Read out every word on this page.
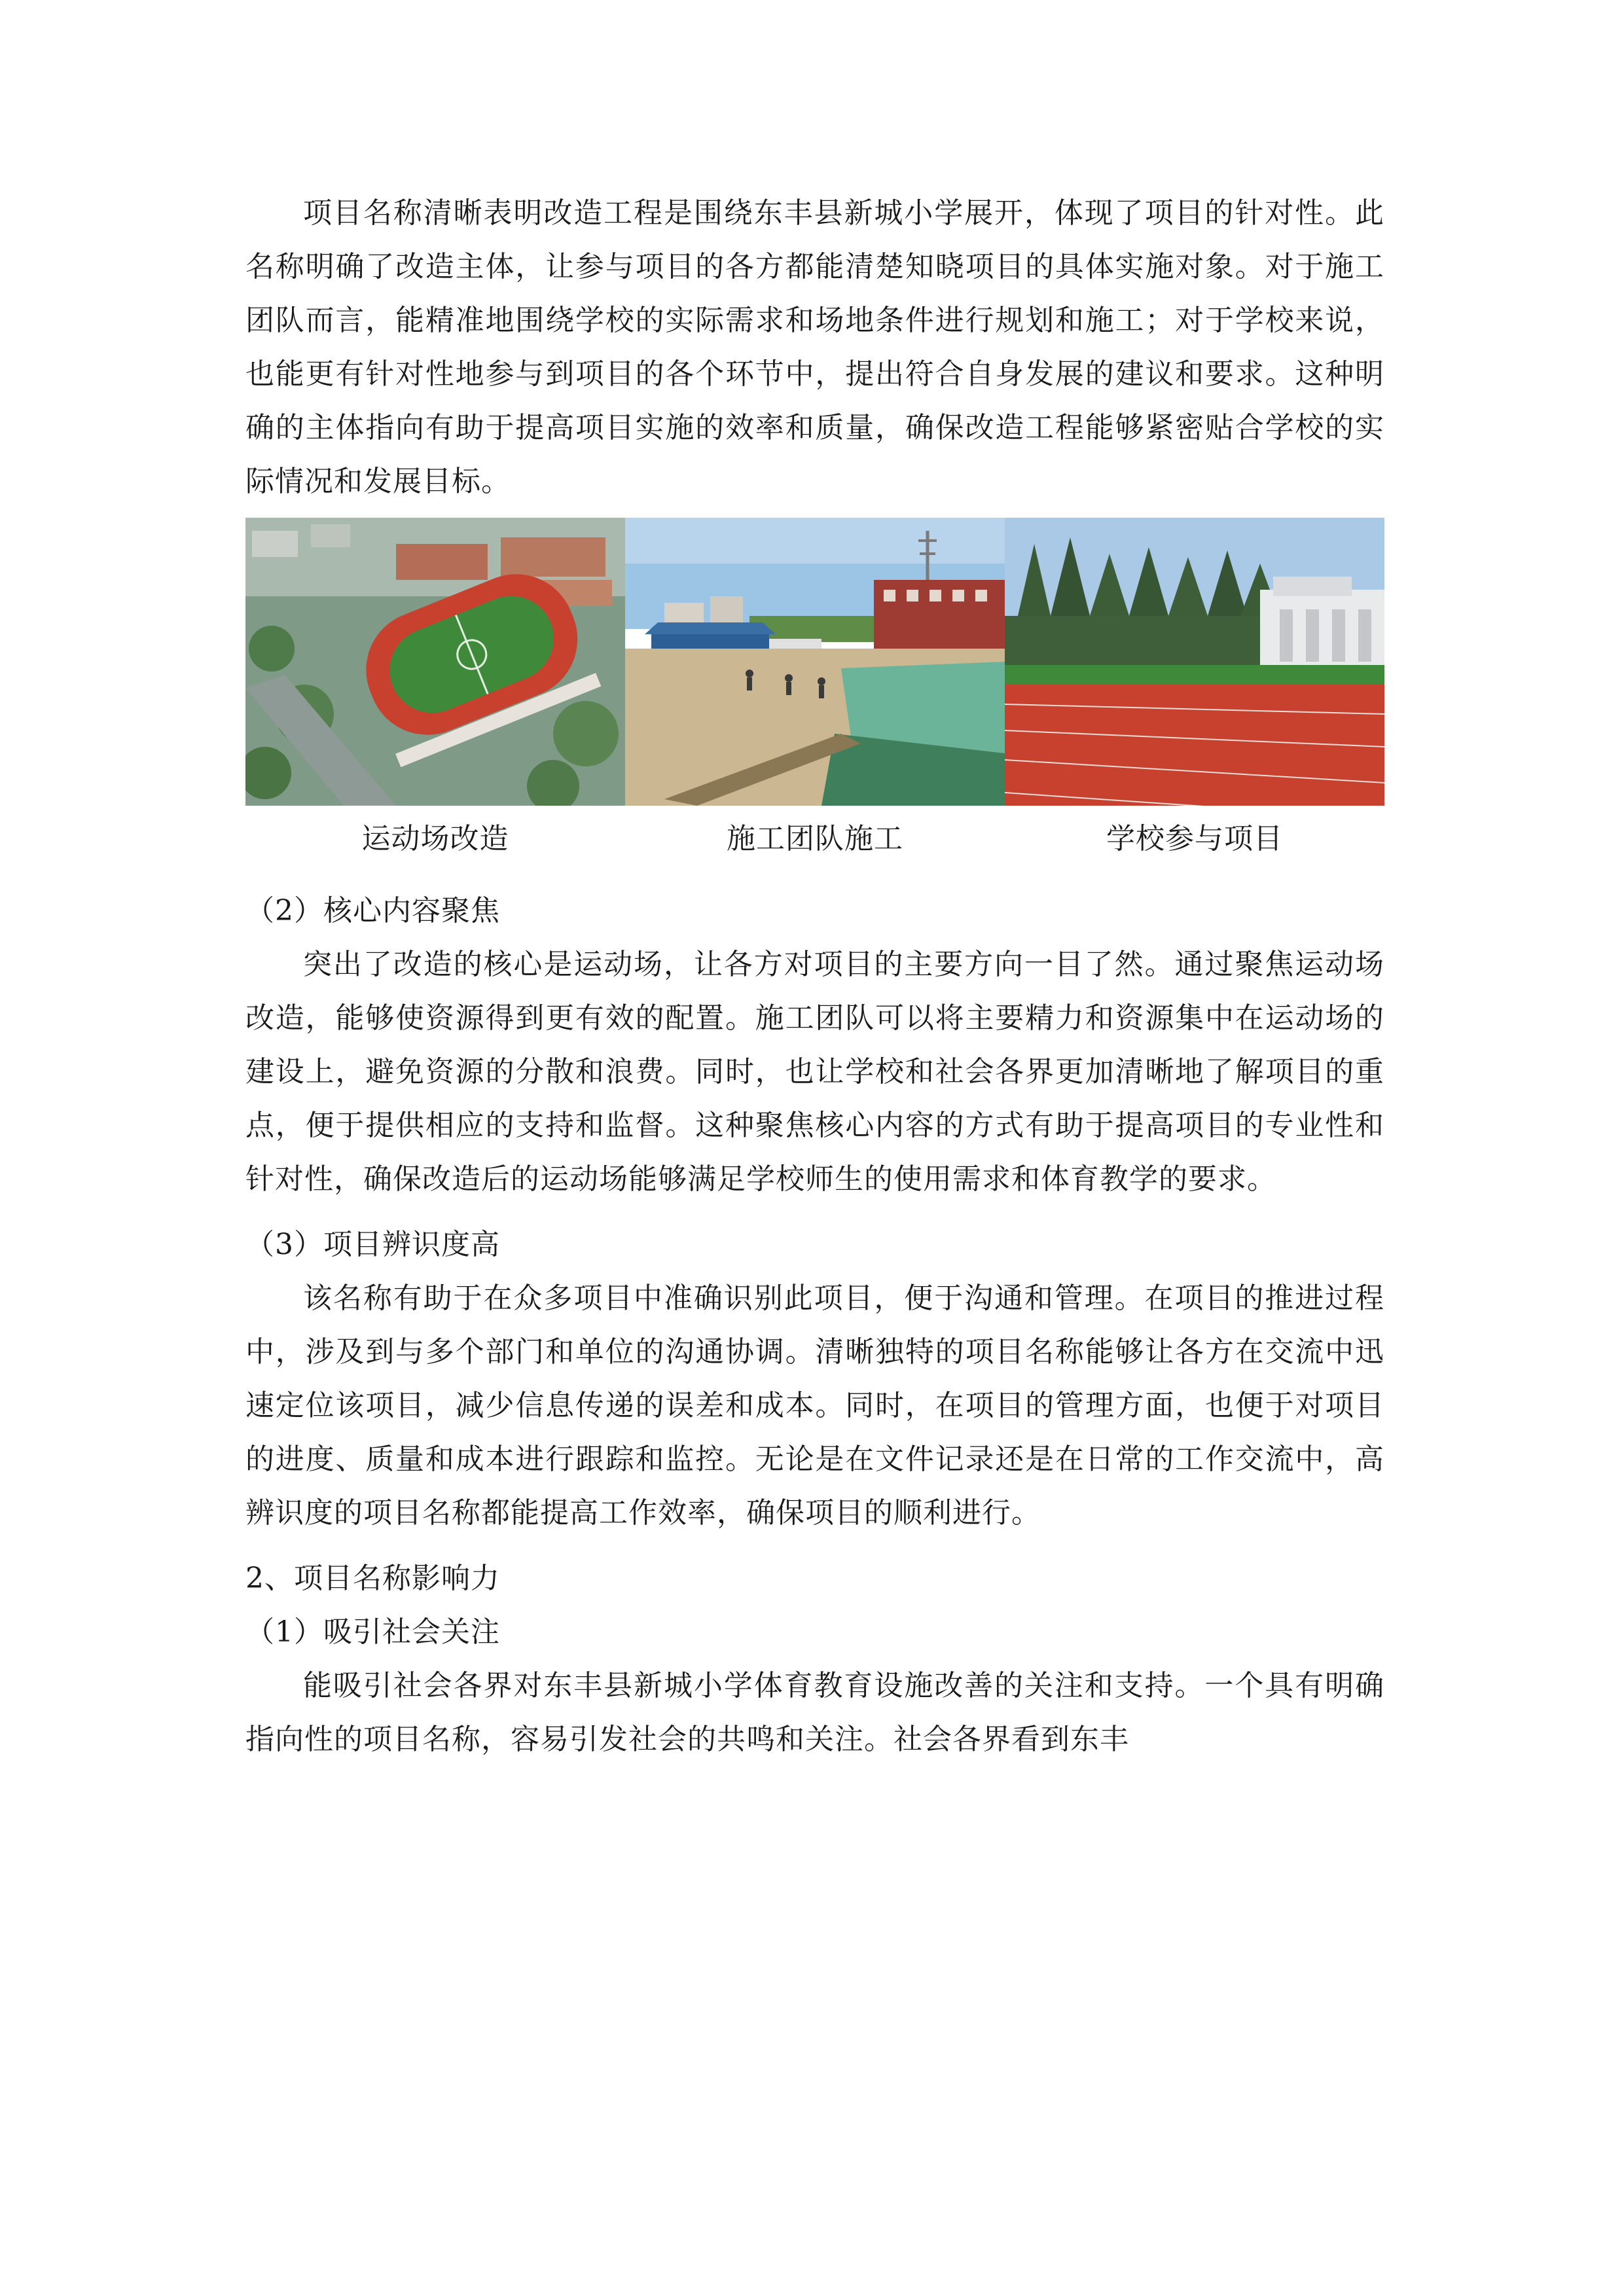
项目名称清晰表明改造工程是围绕东丰县新城小学展开，体现了项目的针对性。此名称明确了改造主体，让参与项目的各方都能清楚知晓项目的具体实施对象。对于施工团队而言，能精准地围绕学校的实际需求和场地条件进行规划和施工；对于学校来说，也能更有针对性地参与到项目的各个环节中，提出符合自身发展的建议和要求。这种明确的主体指向有助于提高项目实施的效率和质量，确保改造工程能够紧密贴合学校的实际情况和发展目标。

运动场改造	施工团队施工	学校参与项目
（2）核心内容聚焦

突出了改造的核心是运动场，让各方对项目的主要方向一目了然。通过聚焦运动场改造，能够使资源得到更有效的配置。施工团队可以将主要精力和资源集中在运动场的建设上，避免资源的分散和浪费。同时，也让学校和社会各界更加清晰地了解项目的重点，便于提供相应的支持和监督。这种聚焦核心内容的方式有助于提高项目的专业性和针对性，确保改造后的运动场能够满足学校师生的使用需求和体育教学的要求。

（3）项目辨识度高

该名称有助于在众多项目中准确识别此项目，便于沟通和管理。在项目的推进过程中，涉及到与多个部门和单位的沟通协调。清晰独特的项目名称能够让各方在交流中迅速定位该项目，减少信息传递的误差和成本。同时，在项目的管理方面，也便于对项目的进度、质量和成本进行跟踪和监控。无论是在文件记录还是在日常的工作交流中，高辨识度的项目名称都能提高工作效率，确保项目的顺利进行。

2、项目名称影响力
（1）吸引社会关注

能吸引社会各界对东丰县新城小学体育教育设施改善的关注和支持。一个具有明确指向性的项目名称，容易引发社会的共鸣和关注。社会各界看到东丰
